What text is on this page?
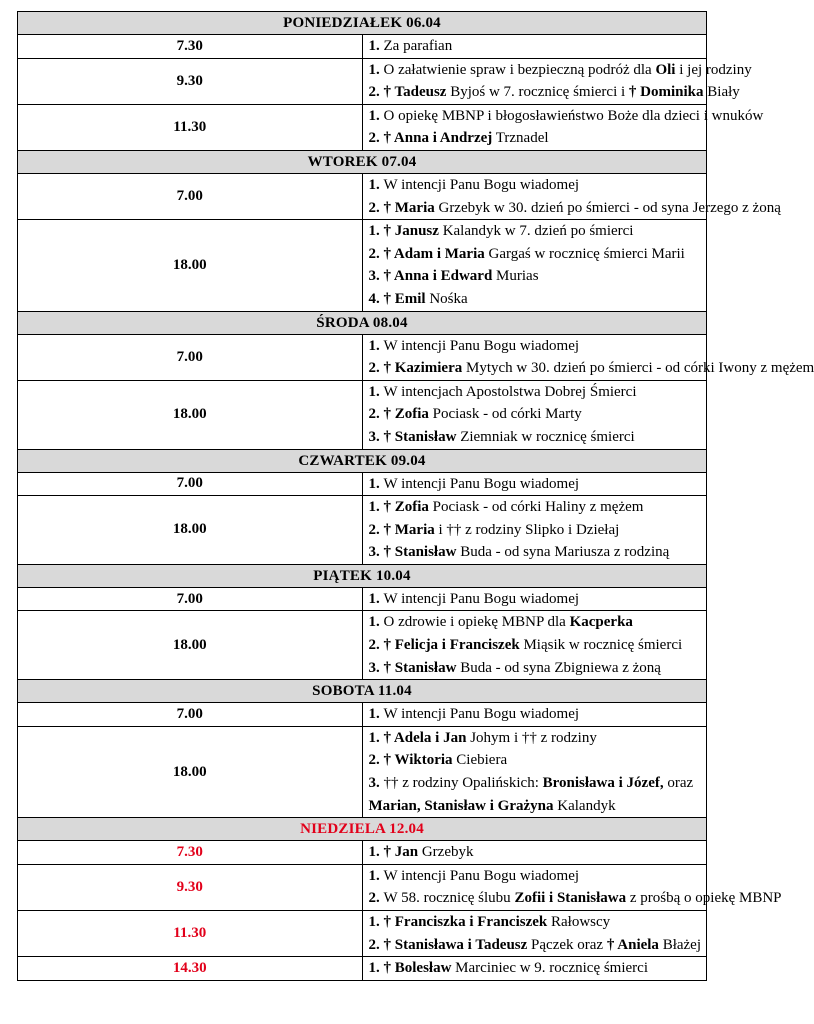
PONIEDZIAŁEK 06.04	
7.30	1. Za parafian

9.30	1. O załatwienie spraw i bezpieczną podróż dla Oli i jej rodziny
2. † Tadeusz Byjoś w 7. rocznicę śmierci i † Dominika Biały

11.30	1. O opiekę MBNP i błogosławieństwo Boże dla dzieci i wnuków
2. † Anna i Andrzej Trznadel

WTOREK 07.04	
7.00	1. W intencji Panu Bogu wiadomej
2. † Maria Grzebyk w 30. dzień po śmierci - od syna Jerzego z żoną

18.00	1. † Janusz Kalandyk w 7. dzień po śmierci
2. † Adam i Maria Gargaś w rocznicę śmierci Marii
3. † Anna i Edward Murias
4. † Emil Nośka

ŚRODA 08.04	
7.00	1. W intencji Panu Bogu wiadomej
2. † Kazimiera Mytych w 30. dzień po śmierci - od córki Iwony z mężem

18.00	1. W intencjach Apostolstwa Dobrej Śmierci
2. † Zofia Pociask - od córki Marty
3. † Stanisław Ziemniak w rocznicę śmierci

CZWARTEK 09.04	
7.00	1. W intencji Panu Bogu wiadomej

18.00	1. † Zofia Pociask - od córki Haliny z mężem
2. † Maria i †† z rodziny Slipko i Dziełaj
3. † Stanisław Buda - od syna Mariusza z rodziną

PIĄTEK 10.04	
7.00	1. W intencji Panu Bogu wiadomej

18.00	1. O zdrowie i opiekę MBNP dla Kacperka
2. † Felicja i Franciszek Miąsik w rocznicę śmierci
3. † Stanisław Buda - od syna Zbigniewa z żoną

SOBOTA 11.04	
7.00	1. W intencji Panu Bogu wiadomej

18.00	1. † Adela i Jan Johym i †† z rodziny
2. † Wiktoria Ciebiera
3. †† z rodziny Opalińskich: Bronisława i Józef, oraz Marian, Stanisław i Grażyna Kalandyk

NIEDZIELA 12.04	
7.30	1. † Jan Grzebyk

9.30	1. W intencji Panu Bogu wiadomej
2. W 58. rocznicę ślubu Zofii i Stanisława z prośbą o opiekę MBNP

11.30	1. † Franciszka i Franciszek Rałowscy
2. † Stanisława i Tadeusz Pączek oraz † Aniela Błażej

14.30	1. † Bolesław Marciniec w 9. rocznicę śmierci
